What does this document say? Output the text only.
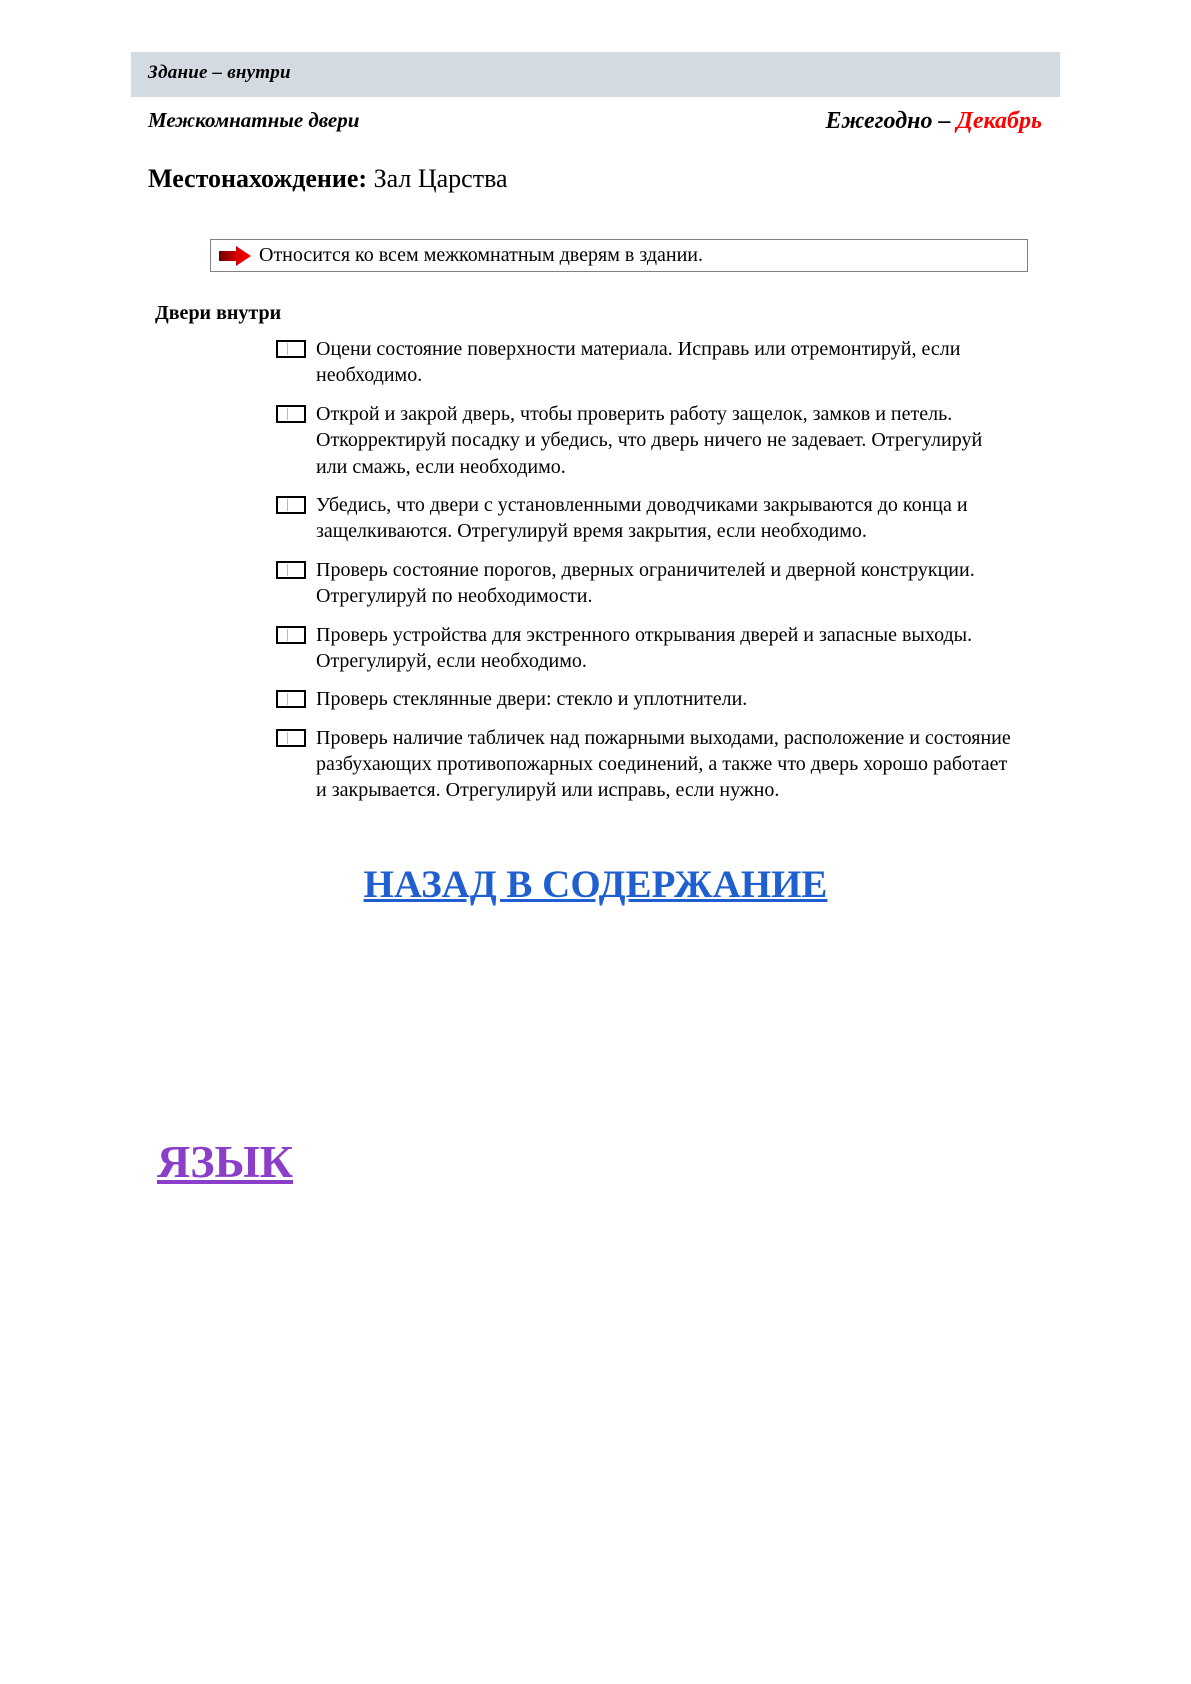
Здание – внутри
Межкомнатные двери	Ежегодно – Декабрь
Местонахождение: Зал Царства
Относится ко всем межкомнатным дверям в здании.
Двери внутри
Оцени состояние поверхности материала. Исправь или отремонтируй, если необходимо.
Открой и закрой дверь, чтобы проверить работу защелок, замков и петель. Откорректируй посадку и убедись, что дверь ничего не задевает. Отрегулируй или смажь, если необходимо.
Убедись, что двери с установленными доводчиками закрываются до конца и защелкиваются. Отрегулируй время закрытия, если необходимо.
Проверь состояние порогов, дверных ограничителей и дверной конструкции. Отрегулируй по необходимости.
Проверь устройства для экстренного открывания дверей и запасные выходы. Отрегулируй, если необходимо.
Проверь стеклянные двери: стекло и уплотнители.
Проверь наличие табличек над пожарными выходами, расположение и состояние разбухающих противопожарных соединений, а также что дверь хорошо работает и закрывается. Отрегулируй или исправь, если нужно.
НАЗАД В СОДЕРЖАНИЕ
ЯЗЫК
